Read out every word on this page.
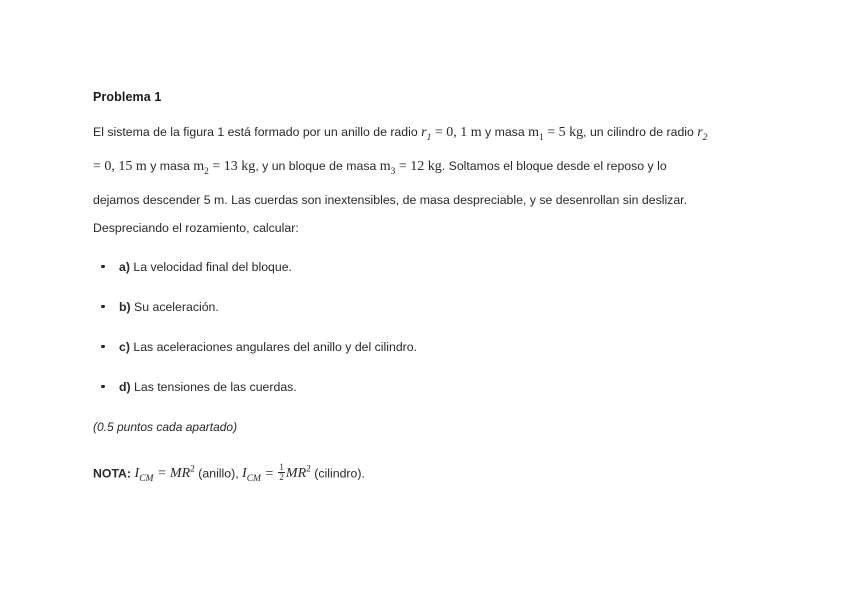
Problema 1

El sistema de la figura 1 está formado por un anillo de radio $r_1 = 0$, 1 m y masa $m_1 = 5$ kg, un cilindro de radio $r_2 = 0$, 15 m y masa $m_2 = 13$ kg, y un bloque de masa $m_3 = 12$ kg. Soltamos el bloque desde el reposo y lo dejamos descender 5 m. Las cuerdas son inextensibles, de masa despreciable, y se desenrollan sin deslizar. Despreciando el rozamiento, calcular:

a) La velocidad final del bloque.
b) Su aceleración.
c) Las aceleraciones angulares del anillo y del cilindro.
d) Las tensiones de las cuerdas.

(0.5 puntos cada apartado)

NOTA: $I_{CM} = MR^2$ (anillo), $I_{CM} = \frac{1}{2} MR^2$ (cilindro).
